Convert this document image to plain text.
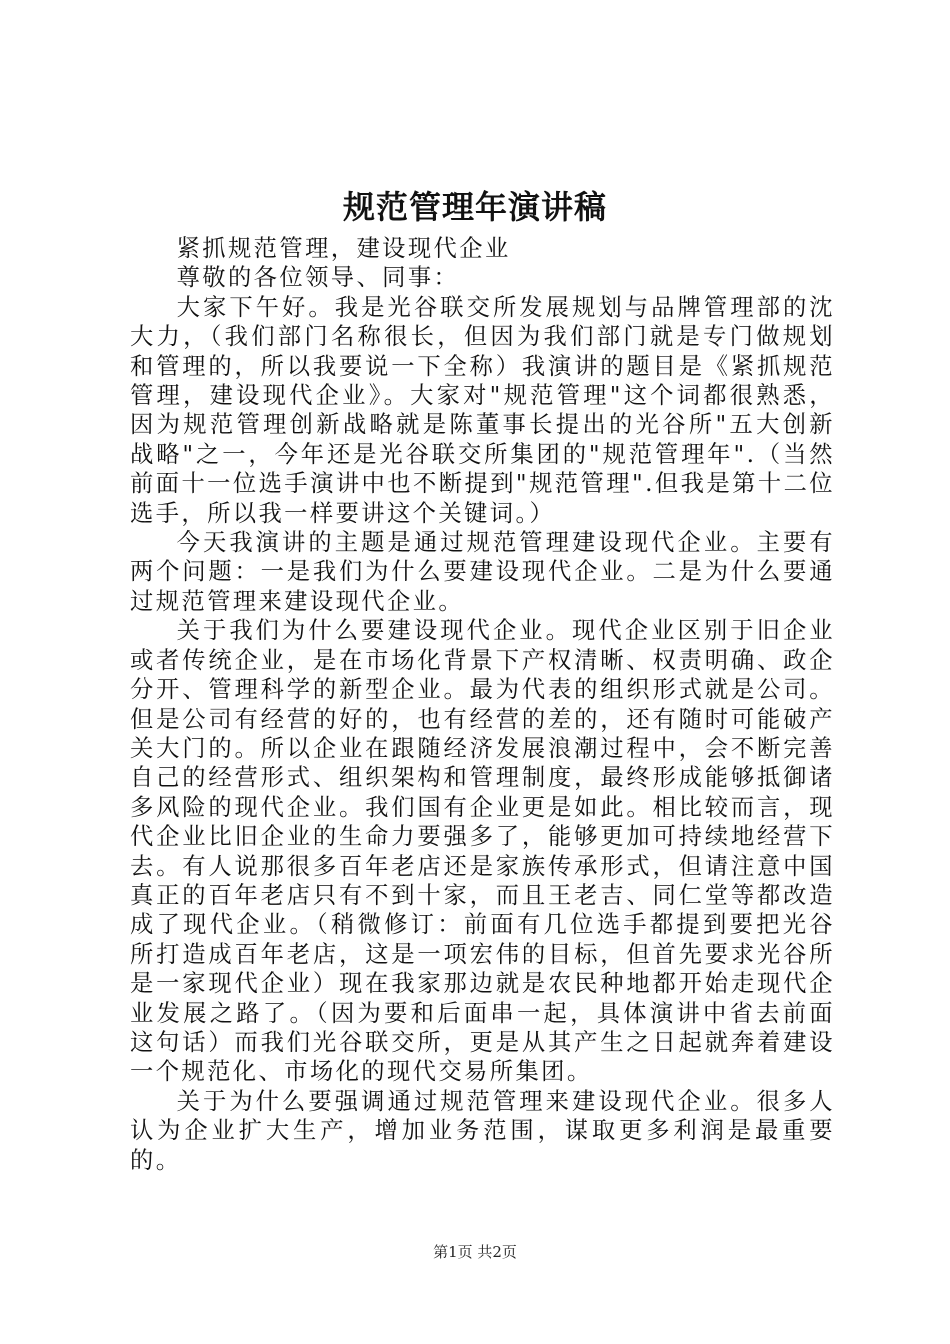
规范管理年演讲稿

紧抓规范管理，建设现代企业

尊敬的各位领导、同事：

大家下午好。我是光谷联交所发展规划与品牌管理部的沈大力，（我们部门名称很长，但因为我们部门就是专门做规划和管理的，所以我要说一下全称）我演讲的题目是《紧抓规范管理，建设现代企业》。大家对"规范管理"这个词都很熟悉，因为规范管理创新战略就是陈董事长提出的光谷所"五大创新战略"之一，今年还是光谷联交所集团的"规范管理年".（当然前面十一位选手演讲中也不断提到"规范管理".但我是第十二位选手，所以我一样要讲这个关键词。）

今天我演讲的主题是通过规范管理建设现代企业。主要有两个问题：一是我们为什么要建设现代企业。二是为什么要通过规范管理来建设现代企业。

关于我们为什么要建设现代企业。现代企业区别于旧企业或者传统企业，是在市场化背景下产权清晰、权责明确、政企分开、管理科学的新型企业。最为代表的组织形式就是公司。但是公司有经营的好的，也有经营的差的，还有随时可能破产关大门的。所以企业在跟随经济发展浪潮过程中，会不断完善自己的经营形式、组织架构和管理制度，最终形成能够抵御诸多风险的现代企业。我们国有企业更是如此。相比较而言，现代企业比旧企业的生命力要强多了，能够更加可持续地经营下去。有人说那很多百年老店还是家族传承形式，但请注意中国真正的百年老店只有不到十家，而且王老吉、同仁堂等都改造成了现代企业。（稍微修订：前面有几位选手都提到要把光谷所打造成百年老店，这是一项宏伟的目标，但首先要求光谷所是一家现代企业）现在我家那边就是农民种地都开始走现代企业发展之路了。（因为要和后面串一起，具体演讲中省去前面这句话）而我们光谷联交所，更是从其产生之日起就奔着建设一个规范化、市场化的现代交易所集团。

关于为什么要强调通过规范管理来建设现代企业。很多人认为企业扩大生产，增加业务范围，谋取更多利润是最重要的。

第1页 共2页
